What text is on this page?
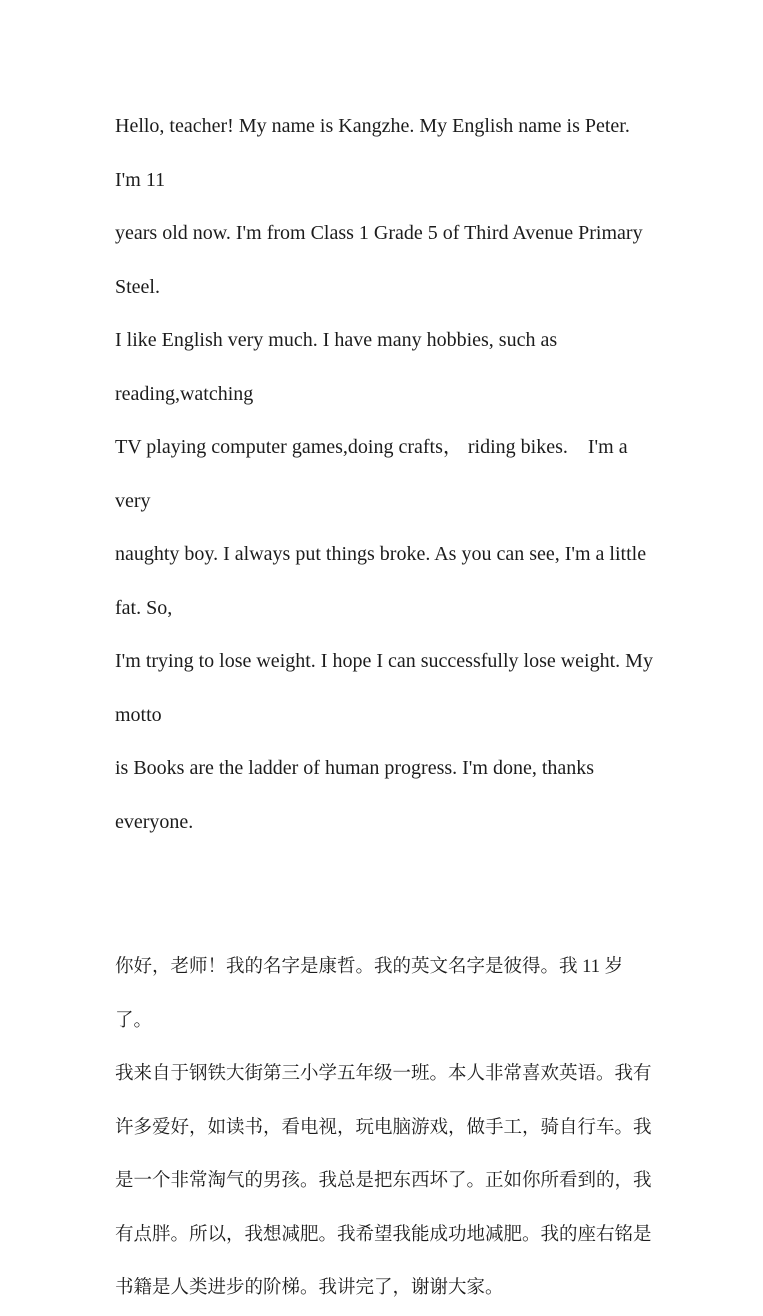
Hello, teacher! My name is Kangzhe. My English name is Peter. I'm 11
years old now. I'm from Class 1 Grade 5 of Third Avenue Primary Steel.
I like English very much. I have many hobbies, such as reading,watching
TV playing computer games,doing crafts， riding bikes.    I'm a very
naughty boy. I always put things broke. As you can see, I'm a little fat. So,
I'm trying to lose weight. I hope I can successfully lose weight. My motto
is Books are the ladder of human progress. I'm done, thanks everyone.
你好，老师！我的名字是康哲。我的英文名字是彼得。我 11 岁了。
我来自于钢铁大街第三小学五年级一班。本人非常喜欢英语。我有
许多爱好，如读书，看电视，玩电脑游戏，做手工，骑自行车。我
是一个非常淘气的男孩。我总是把东西坏了。正如你所看到的，我
有点胖。所以，我想减肥。我希望我能成功地减肥。我的座右铭是
书籍是人类进步的阶梯。我讲完了，谢谢大家。
